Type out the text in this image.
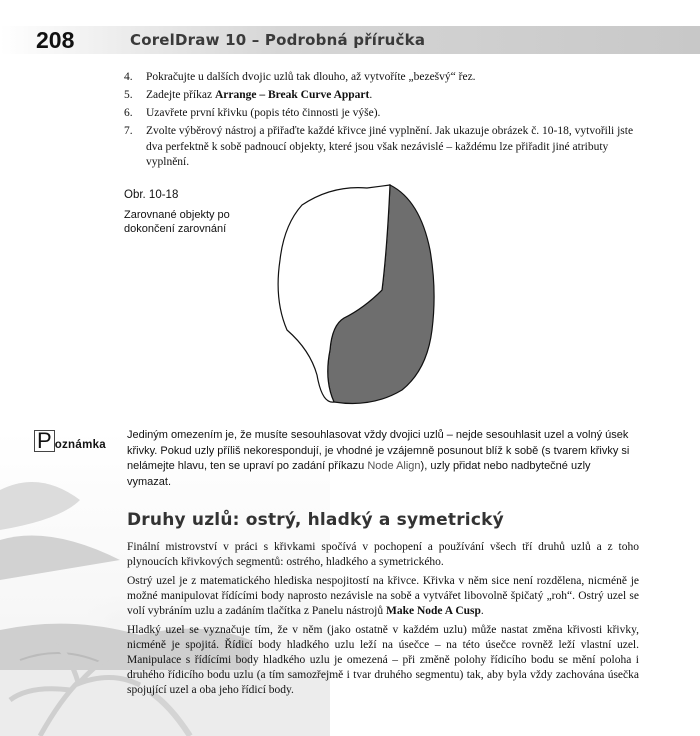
208	CorelDraw 10 – Podrobná příručka
4. Pokračujte u dalších dvojic uzlů tak dlouho, až vytvoříte „bezešvý“ řez.
5. Zadejte příkaz Arrange – Break Curve Appart.
6. Uzavřete první křivku (popis této činnosti je výše).
7. Zvolte výběrový nástroj a přiřaďte každé křivce jiné vyplnění. Jak ukazuje obrázek č. 10-18, vytvořili jste dva perfektně k sobě padnoucí objekty, které jsou však nezávislé – každému lze přiřadit jiné atributy vyplnění.
Obr. 10-18
Zarovnané objekty po dokončení zarovnání
P oznámka
Jediným omezením je, že musíte sesouhlasovat vždy dvojici uzlů – nejde sesouhlasit uzel a volný úsek křivky. Pokud uzly příliš nekorespondují, je vhodné je vzájemně posunout blíž k sobě (s tvarem křivky si nelámejte hlavu, ten se upraví po zadání příkazu Node Align), uzly přidat nebo nadbytečné uzly vymazat.
Druhy uzlů: ostrý, hladký a symetrický

Finální mistrovství v práci s křivkami spočívá v pochopení a používání všech tří druhů uzlů a z toho plynoucích křivkových segmentů: ostrého, hladkého a symetrického.

Ostrý uzel je z matematického hlediska nespojitostí na křivce. Křivka v něm sice není rozdělena, nicméně je možné manipulovat řídícími body naprosto nezávisle na sobě a vytvářet libovolně špičatý „roh“. Ostrý uzel se volí vybráním uzlu a zadáním tlačítka z Panelu nástrojů Make Node A Cusp.

Hladký uzel se vyznačuje tím, že v něm (jako ostatně v každém uzlu) může nastat změna křivosti křivky, nicméně je spojitá. Řídicí body hladkého uzlu leží na úsečce – na této úsečce rovněž leží vlastní uzel. Manipulace s řídícími body hladkého uzlu je omezená – při změně polohy řídicího bodu se mění poloha i druhého řídicího bodu uzlu (a tím samozřejmě i tvar druhého segmentu) tak, aby byla vždy zachována úsečka spojující uzel a oba jeho řídicí body.
